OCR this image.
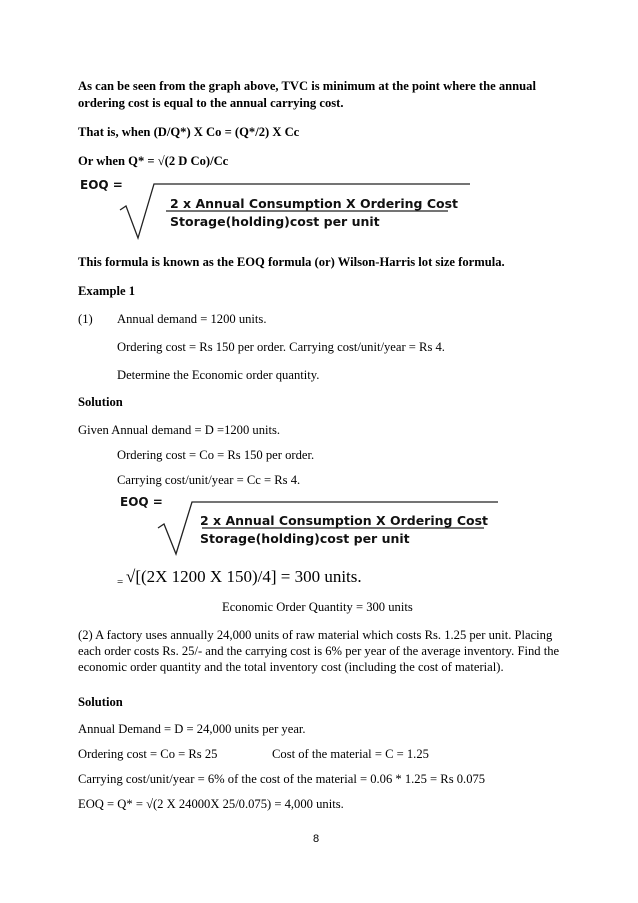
As can be seen from the graph above, TVC is minimum at the point where the annual
ordering cost is equal to the annual carrying cost.
That is, when (D/Q*) X Co = (Q*/2) X Cc
Or when Q* = √(2 D Co)/Cc
EOQ =
2 x Annual Consumption X Ordering Cost
Storage(holding)cost per unit
This formula is known as the EOQ formula (or) Wilson-Harris lot size formula.
Example 1
(1) Annual demand = 1200 units.
Ordering cost = Rs 150 per order. Carrying cost/unit/year = Rs 4.
Determine the Economic order quantity.
Solution
Given Annual demand = D =1200 units.
Ordering cost = Co = Rs 150 per order.
Carrying cost/unit/year = Cc = Rs 4.
EOQ =
2 x Annual Consumption X Ordering Cost
Storage(holding)cost per unit
= √[(2X 1200 X 150)/4] = 300 units.
Economic Order Quantity = 300 units
(2) A factory uses annually 24,000 units of raw material which costs Rs. 1.25 per unit. Placing each order costs Rs. 25/- and the carrying cost is 6% per year of the average inventory. Find the economic order quantity and the total inventory cost (including the cost of material).
Solution
Annual Demand = D = 24,000 units per year.
Ordering cost = Co = Rs 25	Cost of the material = C = 1.25
Carrying cost/unit/year = 6% of the cost of the material = 0.06 * 1.25 = Rs 0.075
EOQ = Q* = √(2 X 24000X 25/0.075) = 4,000 units.
8
